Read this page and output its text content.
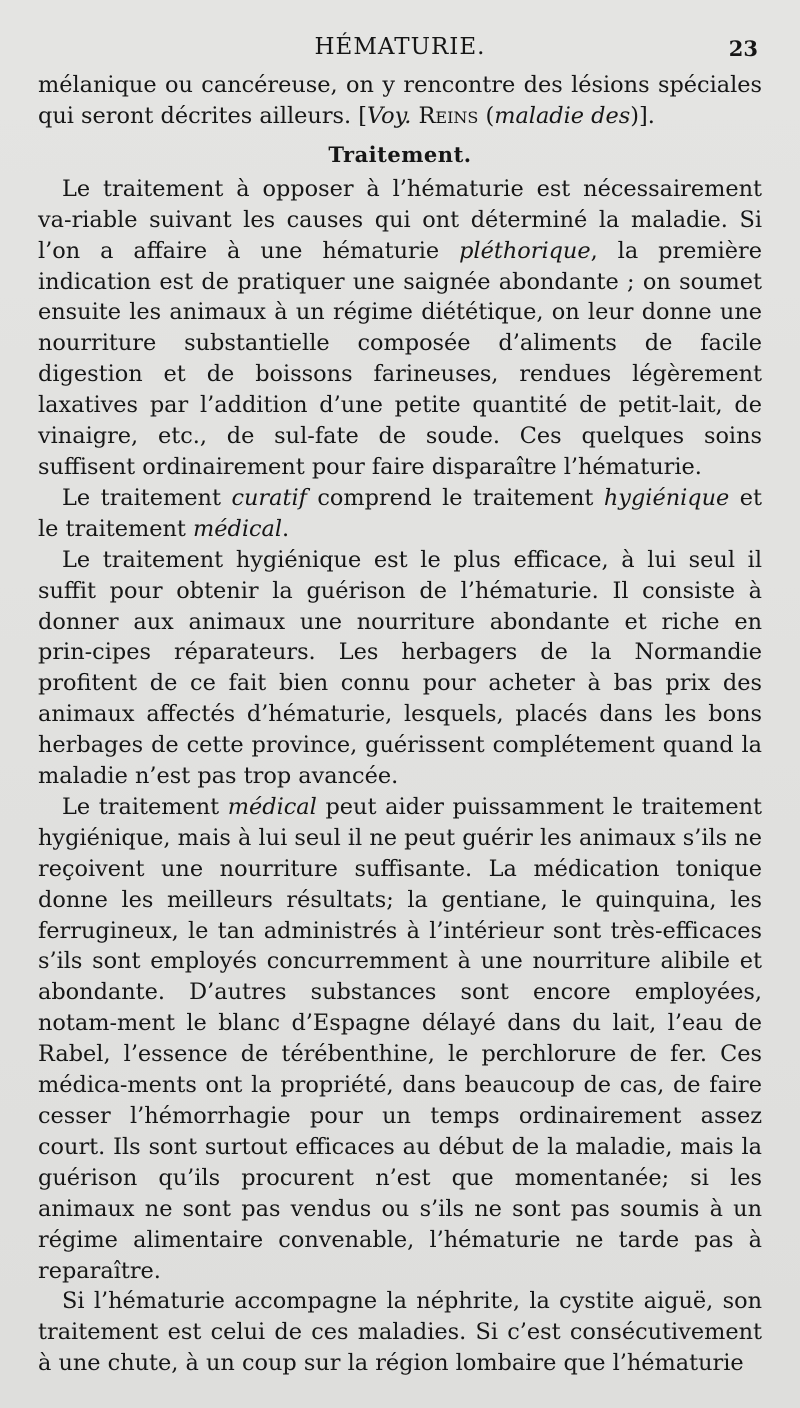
HÉMATURIE.	23

mélanique ou cancéreuse, on y rencontre des lésions spéciales qui seront décrites ailleurs. [Voy. Reins (maladie des)].

Traitement.

Le traitement à opposer à l’hématurie est nécessairement va-riable suivant les causes qui ont déterminé la maladie. Si l’on a affaire à une hématurie pléthorique, la première indication est de pratiquer une saignée abondante ; on soumet ensuite les animaux à un régime diététique, on leur donne une nourriture substantielle composée d’aliments de facile digestion et de boissons farineuses, rendues légèrement laxatives par l’addition d’une petite quantité de petit-lait, de vinaigre, etc., de sul-fate de soude. Ces quelques soins suffisent ordinairement pour faire disparaître l’hématurie.

Le traitement curatif comprend le traitement hygiénique et le traitement médical.

Le traitement hygiénique est le plus efficace, à lui seul il suffit pour obtenir la guérison de l’hématurie. Il consiste à donner aux animaux une nourriture abondante et riche en prin-cipes réparateurs. Les herbagers de la Normandie profitent de ce fait bien connu pour acheter à bas prix des animaux affectés d’hématurie, lesquels, placés dans les bons herbages de cette province, guérissent complétement quand la maladie n’est pas trop avancée.

Le traitement médical peut aider puissamment le traitement hygiénique, mais à lui seul il ne peut guérir les animaux s’ils ne reçoivent une nourriture suffisante. La médication tonique donne les meilleurs résultats; la gentiane, le quinquina, les ferrugineux, le tan administrés à l’intérieur sont très-efficaces s’ils sont employés concurremment à une nourriture alibile et abondante. D’autres substances sont encore employées, notam-ment le blanc d’Espagne délayé dans du lait, l’eau de Rabel, l’essence de térébenthine, le perchlorure de fer. Ces médica-ments ont la propriété, dans beaucoup de cas, de faire cesser l’hémorrhagie pour un temps ordinairement assez court. Ils sont surtout efficaces au début de la maladie, mais la guérison qu’ils procurent n’est que momentanée; si les animaux ne sont pas vendus ou s’ils ne sont pas soumis à un régime alimentaire convenable, l’hématurie ne tarde pas à reparaître.

Si l’hématurie accompagne la néphrite, la cystite aiguë, son traitement est celui de ces maladies. Si c’est consécutivement à une chute, à un coup sur la région lombaire que l’hématurie
